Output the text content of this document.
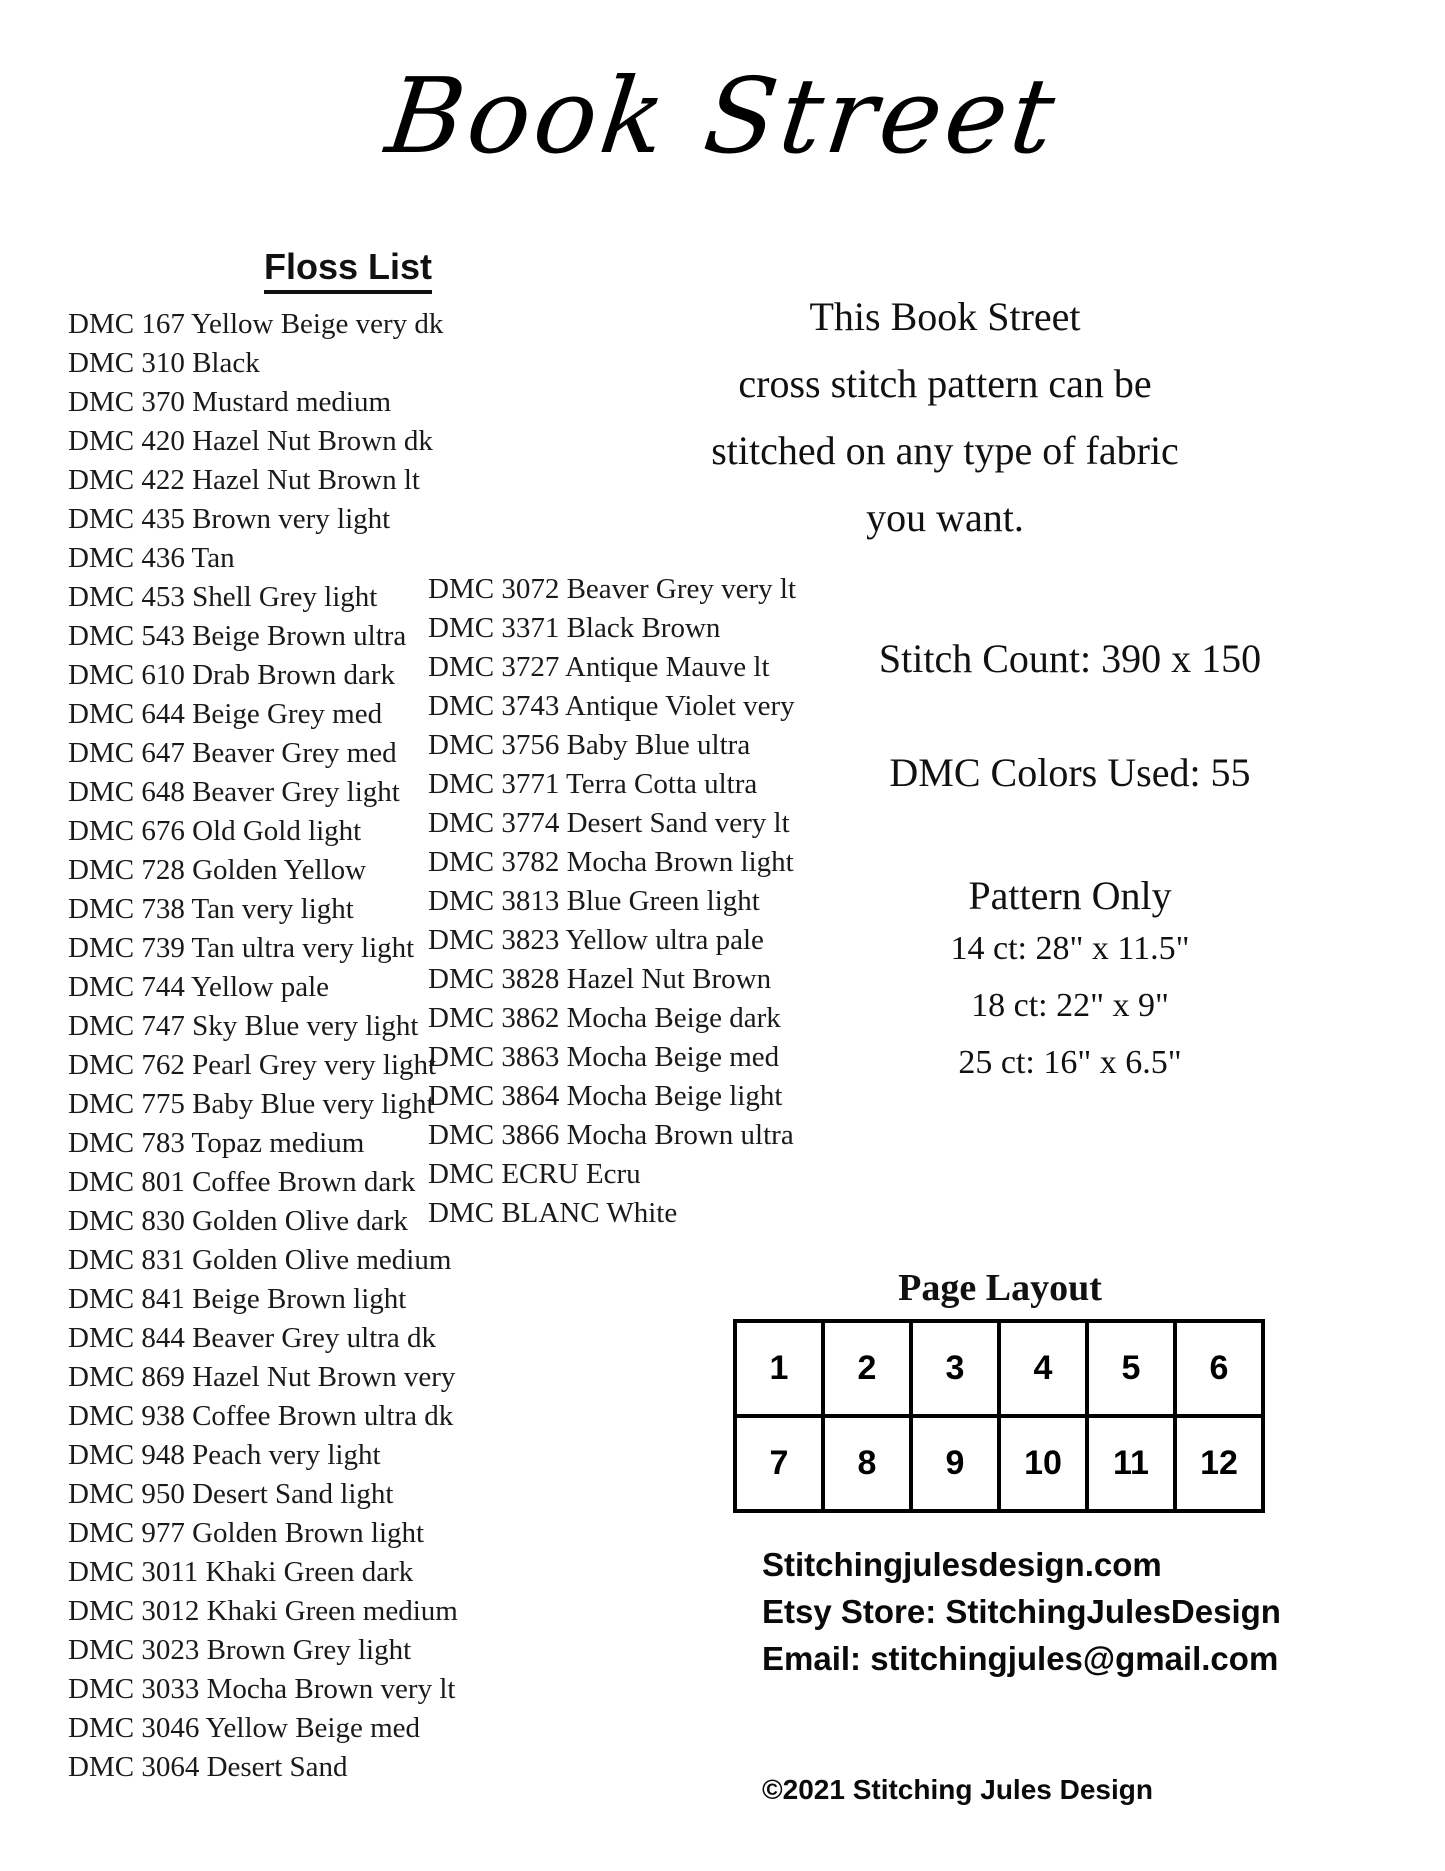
Book Street
Floss List
DMC 167 Yellow Beige very dk
DMC 310 Black
DMC 370 Mustard medium
DMC 420 Hazel Nut Brown dk
DMC 422 Hazel Nut Brown lt
DMC 435 Brown very light
DMC 436 Tan
DMC 453 Shell Grey light
DMC 543 Beige Brown ultra
DMC 610 Drab Brown dark
DMC 644 Beige Grey med
DMC 647 Beaver Grey med
DMC 648 Beaver Grey light
DMC 676 Old Gold light
DMC 728 Golden Yellow
DMC 738 Tan very light
DMC 739 Tan ultra very light
DMC 744 Yellow pale
DMC 747 Sky Blue very light
DMC 762 Pearl Grey very light
DMC 775 Baby Blue very light
DMC 783 Topaz medium
DMC 801 Coffee Brown dark
DMC 830 Golden Olive dark
DMC 831 Golden Olive medium
DMC 841 Beige Brown light
DMC 844 Beaver Grey ultra dk
DMC 869 Hazel Nut Brown very
DMC 938 Coffee Brown ultra dk
DMC 948 Peach very light
DMC 950 Desert Sand light
DMC 977 Golden Brown light
DMC 3011 Khaki Green dark
DMC 3012 Khaki Green medium
DMC 3023 Brown Grey light
DMC 3033 Mocha Brown very lt
DMC 3046 Yellow Beige med
DMC 3064 Desert Sand
DMC 3072 Beaver Grey very lt
DMC 3371 Black Brown
DMC 3727 Antique Mauve lt
DMC 3743 Antique Violet very
DMC 3756 Baby Blue ultra
DMC 3771 Terra Cotta ultra
DMC 3774 Desert Sand very lt
DMC 3782 Mocha Brown light
DMC 3813 Blue Green light
DMC 3823 Yellow ultra pale
DMC 3828 Hazel Nut Brown
DMC 3862 Mocha Beige dark
DMC 3863 Mocha Beige med
DMC 3864 Mocha Beige light
DMC 3866 Mocha Brown ultra
DMC ECRU Ecru
DMC BLANC White
This Book Street
cross stitch pattern can be
stitched on any type of fabric
you want.
Stitch Count: 390 x 150
DMC Colors Used: 55
Pattern Only
14 ct: 28" x 11.5"
18 ct: 22" x 9"
25 ct: 16" x 6.5"
Page Layout
1	2	3	4	5	6
7	8	9	10	11	12
Stitchingjulesdesign.com
Etsy Store: StitchingJulesDesign
Email: stitchingjules@gmail.com
©2021 Stitching Jules Design
